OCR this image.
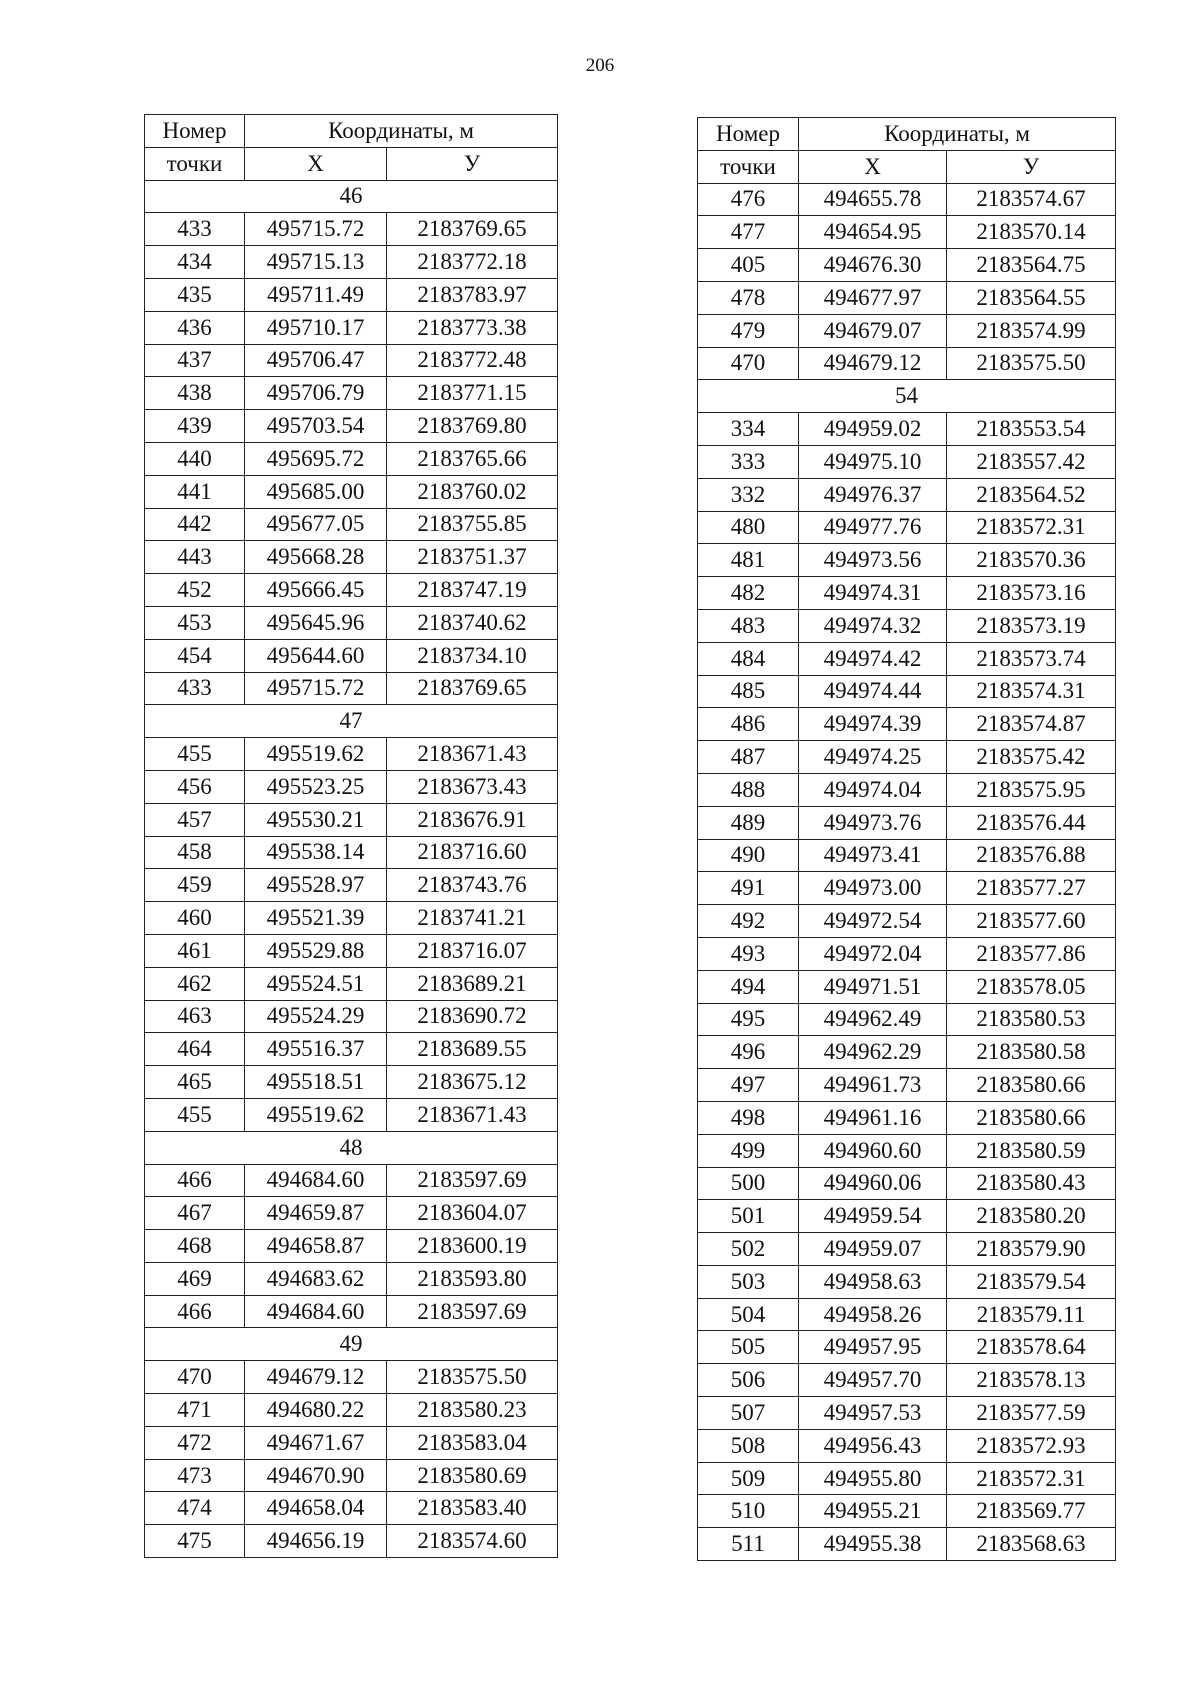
206
Номер	Координаты, м	
точки	X	У
46		
433	495715.72	2183769.65
434	495715.13	2183772.18
435	495711.49	2183783.97
436	495710.17	2183773.38
437	495706.47	2183772.48
438	495706.79	2183771.15
439	495703.54	2183769.80
440	495695.72	2183765.66
441	495685.00	2183760.02
442	495677.05	2183755.85
443	495668.28	2183751.37
452	495666.45	2183747.19
453	495645.96	2183740.62
454	495644.60	2183734.10
433	495715.72	2183769.65
47		
455	495519.62	2183671.43
456	495523.25	2183673.43
457	495530.21	2183676.91
458	495538.14	2183716.60
459	495528.97	2183743.76
460	495521.39	2183741.21
461	495529.88	2183716.07
462	495524.51	2183689.21
463	495524.29	2183690.72
464	495516.37	2183689.55
465	495518.51	2183675.12
455	495519.62	2183671.43
48		
466	494684.60	2183597.69
467	494659.87	2183604.07
468	494658.87	2183600.19
469	494683.62	2183593.80
466	494684.60	2183597.69
49		
470	494679.12	2183575.50
471	494680.22	2183580.23
472	494671.67	2183583.04
473	494670.90	2183580.69
474	494658.04	2183583.40
475	494656.19	2183574.60
Номер	Координаты, м	
точки	X	У
476	494655.78	2183574.67
477	494654.95	2183570.14
405	494676.30	2183564.75
478	494677.97	2183564.55
479	494679.07	2183574.99
470	494679.12	2183575.50
54		
334	494959.02	2183553.54
333	494975.10	2183557.42
332	494976.37	2183564.52
480	494977.76	2183572.31
481	494973.56	2183570.36
482	494974.31	2183573.16
483	494974.32	2183573.19
484	494974.42	2183573.74
485	494974.44	2183574.31
486	494974.39	2183574.87
487	494974.25	2183575.42
488	494974.04	2183575.95
489	494973.76	2183576.44
490	494973.41	2183576.88
491	494973.00	2183577.27
492	494972.54	2183577.60
493	494972.04	2183577.86
494	494971.51	2183578.05
495	494962.49	2183580.53
496	494962.29	2183580.58
497	494961.73	2183580.66
498	494961.16	2183580.66
499	494960.60	2183580.59
500	494960.06	2183580.43
501	494959.54	2183580.20
502	494959.07	2183579.90
503	494958.63	2183579.54
504	494958.26	2183579.11
505	494957.95	2183578.64
506	494957.70	2183578.13
507	494957.53	2183577.59
508	494956.43	2183572.93
509	494955.80	2183572.31
510	494955.21	2183569.77
511	494955.38	2183568.63
